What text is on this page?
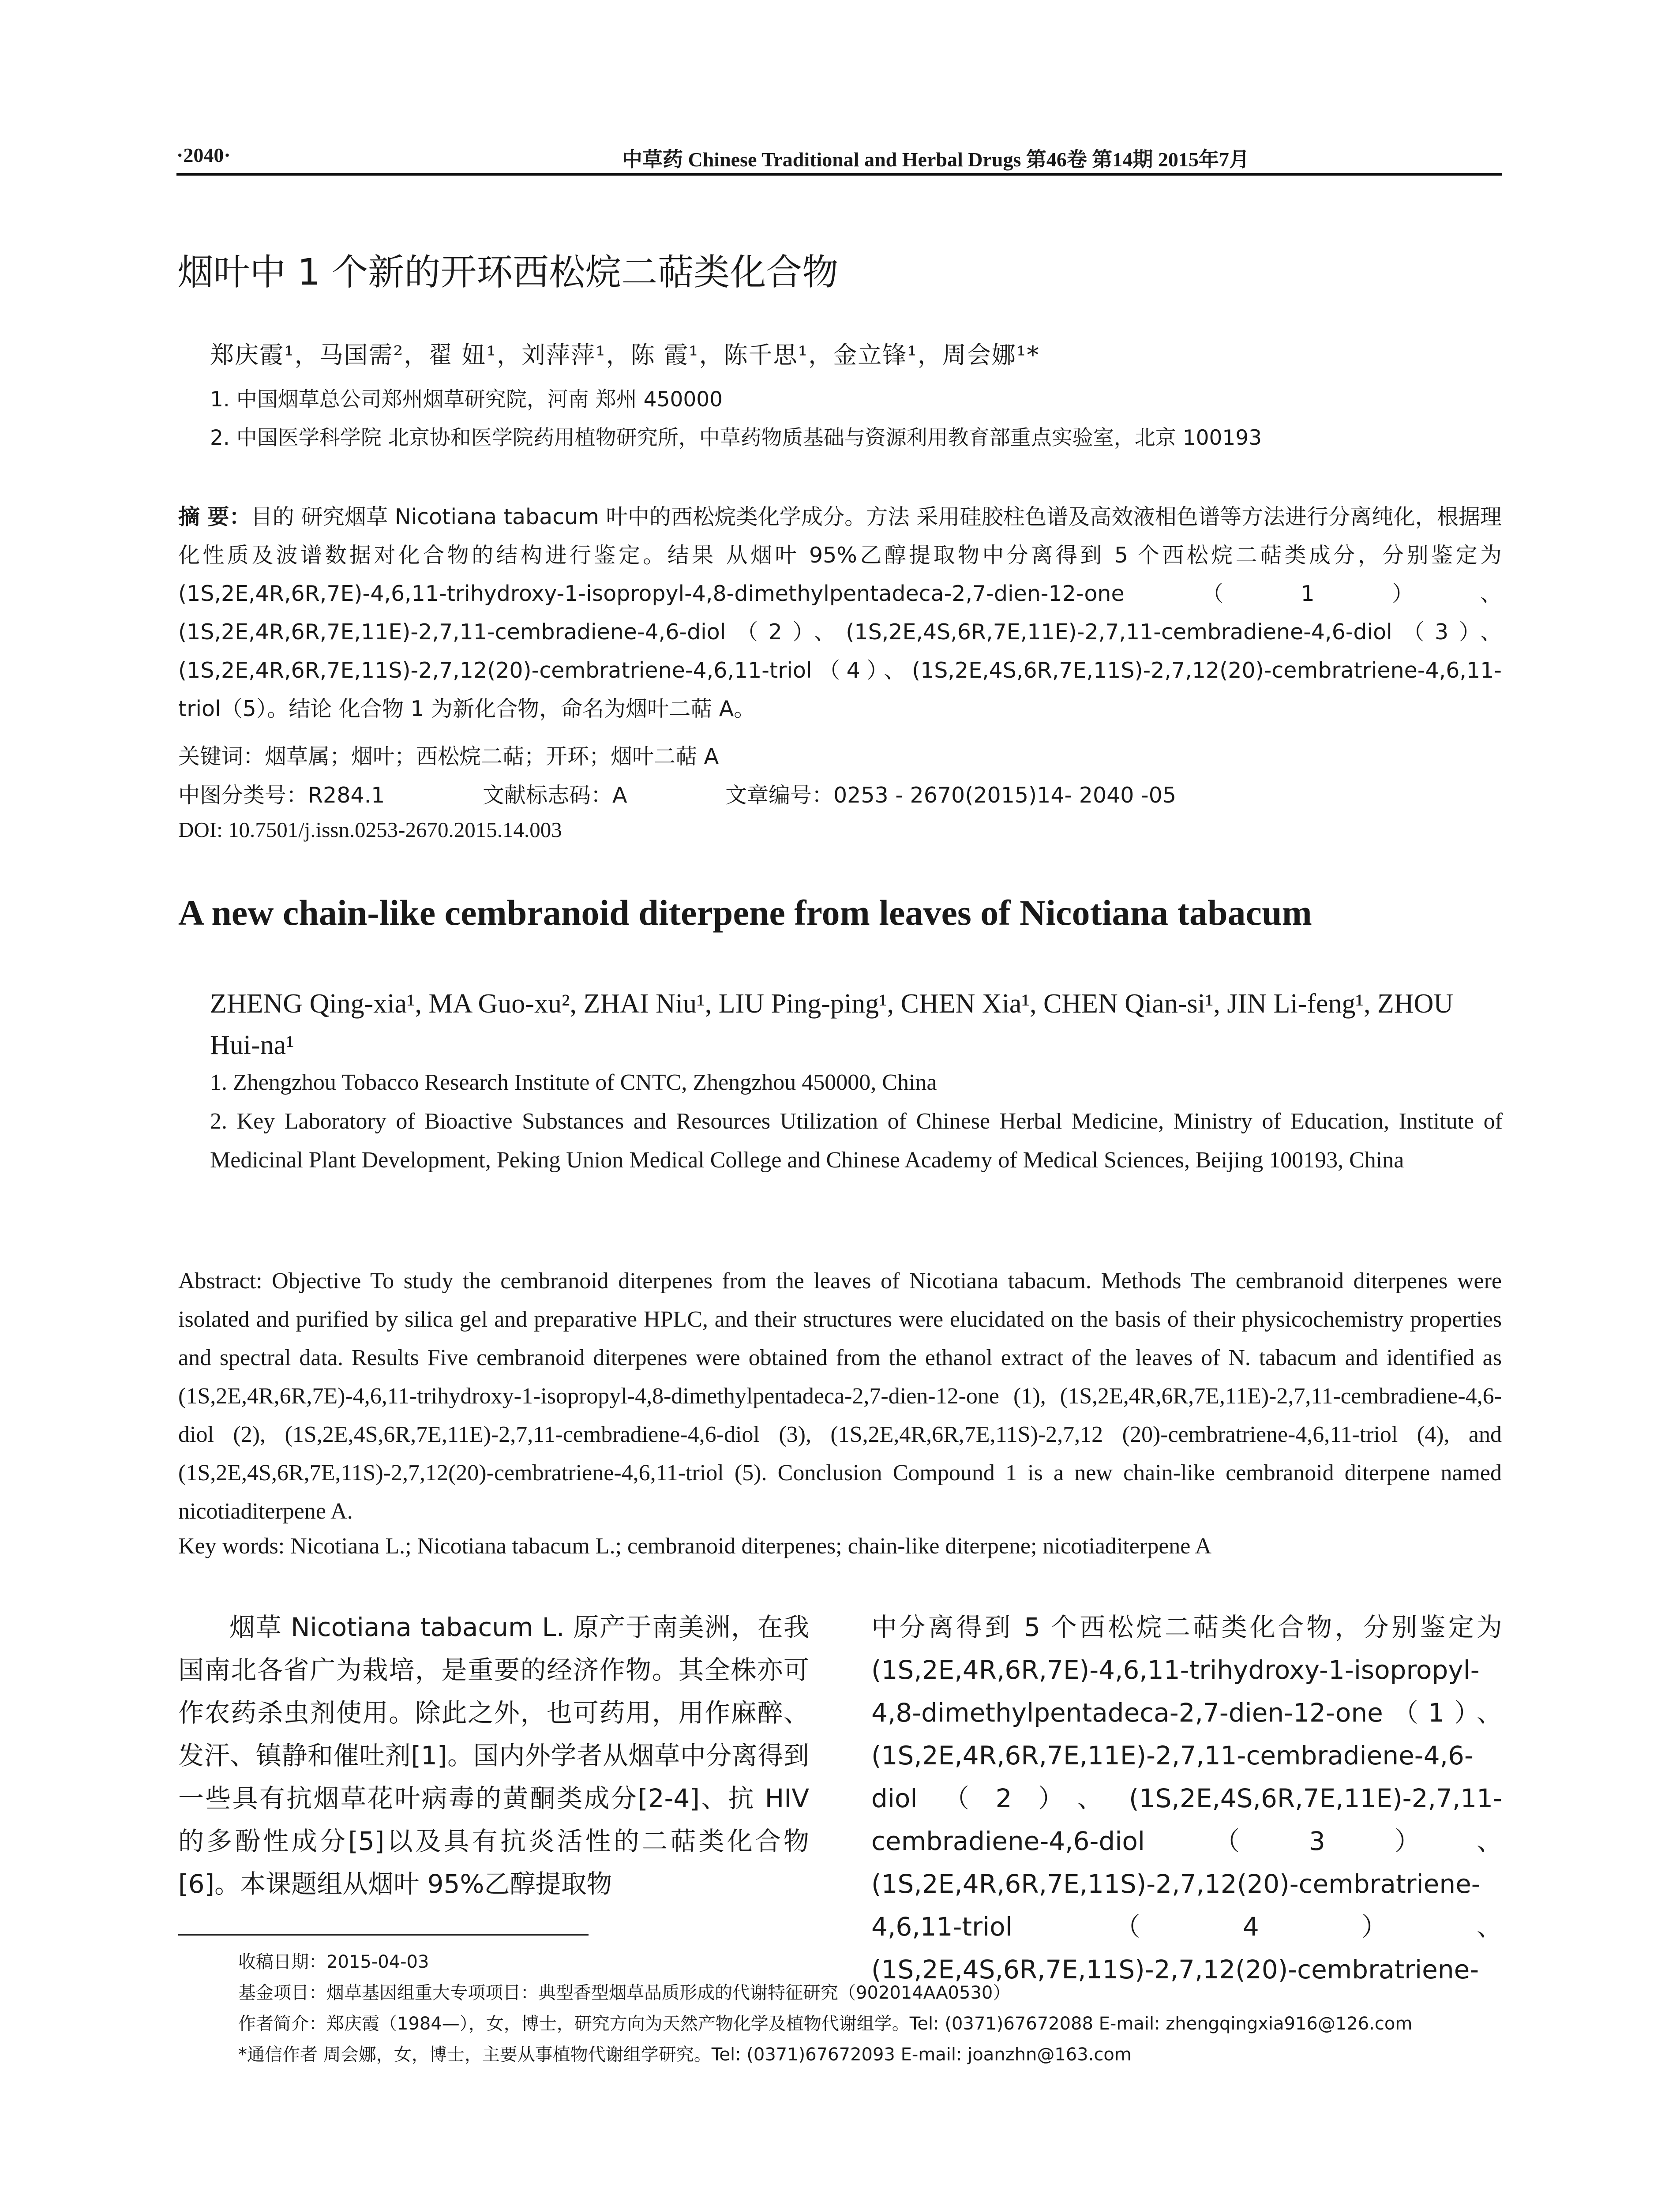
·2040·	中草药 Chinese Traditional and Herbal Drugs 第46卷 第14期 2015年7月
烟叶中 1 个新的开环西松烷二萜类化合物
郑庆霞¹，马国需²，翟 妞¹，刘萍萍¹，陈 霞¹，陈千思¹，金立锋¹，周会娜¹*
1. 中国烟草总公司郑州烟草研究院，河南 郑州 450000
2. 中国医学科学院 北京协和医学院药用植物研究所，中草药物质基础与资源利用教育部重点实验室，北京 100193
摘 要：目的 研究烟草 Nicotiana tabacum 叶中的西松烷类化学成分。方法 采用硅胶柱色谱及高效液相色谱等方法进行分离纯化，根据理化性质及波谱数据对化合物的结构进行鉴定。结果 从烟叶 95%乙醇提取物中分离得到 5 个西松烷二萜类成分，分别鉴定为 (1S,2E,4R,6R,7E)-4,6,11-trihydroxy-1-isopropyl-4,8-dimethylpentadeca-2,7-dien-12-one（1）、(1S,2E,4R,6R,7E,11E)-2,7,11-cembradiene-4,6-diol（2）、(1S,2E,4S,6R,7E,11E)-2,7,11-cembradiene-4,6-diol（3）、(1S,2E,4R,6R,7E,11S)-2,7,12(20)-cembratriene-4,6,11-triol（4）、(1S,2E,4S,6R,7E,11S)-2,7,12(20)-cembratriene-4,6,11-triol（5）。结论 化合物 1 为新化合物，命名为烟叶二萜 A。
关键词：烟草属；烟叶；西松烷二萜；开环；烟叶二萜 A
中图分类号：R284.1	文献标志码：A	文章编号：0253 - 2670(2015)14- 2040 -05
DOI: 10.7501/j.issn.0253-2670.2015.14.003
A new chain-like cembranoid diterpene from leaves of Nicotiana tabacum
ZHENG Qing-xia¹, MA Guo-xu², ZHAI Niu¹, LIU Ping-ping¹, CHEN Xia¹, CHEN Qian-si¹, JIN Li-feng¹, ZHOU Hui-na¹
1. Zhengzhou Tobacco Research Institute of CNTC, Zhengzhou 450000, China
2. Key Laboratory of Bioactive Substances and Resources Utilization of Chinese Herbal Medicine, Ministry of Education, Institute of Medicinal Plant Development, Peking Union Medical College and Chinese Academy of Medical Sciences, Beijing 100193, China
Abstract: Objective To study the cembranoid diterpenes from the leaves of Nicotiana tabacum. Methods The cembranoid diterpenes were isolated and purified by silica gel and preparative HPLC, and their structures were elucidated on the basis of their physicochemistry properties and spectral data. Results Five cembranoid diterpenes were obtained from the ethanol extract of the leaves of N. tabacum and identified as (1S,2E,4R,6R,7E)-4,6,11-trihydroxy-1-isopropyl-4,8-dimethylpentadeca-2,7-dien-12-one (1), (1S,2E,4R,6R,7E,11E)-2,7,11-cembradiene-4,6-diol (2), (1S,2E,4S,6R,7E,11E)-2,7,11-cembradiene-4,6-diol (3), (1S,2E,4R,6R,7E,11S)-2,7,12 (20)-cembratriene-4,6,11-triol (4), and (1S,2E,4S,6R,7E,11S)-2,7,12(20)-cembratriene-4,6,11-triol (5). Conclusion Compound 1 is a new chain-like cembranoid diterpene named nicotiaditerpene A.
Key words: Nicotiana L.; Nicotiana tabacum L.; cembranoid diterpenes; chain-like diterpene; nicotiaditerpene A
烟草 Nicotiana tabacum L. 原产于南美洲，在我国南北各省广为栽培，是重要的经济作物。其全株亦可作农药杀虫剂使用。除此之外，也可药用，用作麻醉、发汗、镇静和催吐剂[1]。国内外学者从烟草中分离得到一些具有抗烟草花叶病毒的黄酮类成分[2-4]、抗 HIV 的多酚性成分[5]以及具有抗炎活性的二萜类化合物[6]。本课题组从烟叶 95%乙醇提取物
中分离得到 5 个西松烷二萜类化合物，分别鉴定为 (1S,2E,4R,6R,7E)-4,6,11-trihydroxy-1-isopropyl-4,8-dimethylpentadeca-2,7-dien-12-one（1）、(1S,2E,4R,6R,7E,11E)-2,7,11-cembradiene-4,6-diol（2）、(1S,2E,4S,6R,7E,11E)-2,7,11-cembradiene-4,6-diol（3）、(1S,2E,4R,6R,7E,11S)-2,7,12(20)-cembratriene-4,6,11-triol（4）、(1S,2E,4S,6R,7E,11S)-2,7,12(20)-cembratriene-
收稿日期：2015-04-03
基金项目：烟草基因组重大专项项目：典型香型烟草品质形成的代谢特征研究（902014AA0530）
作者简介：郑庆霞（1984—），女，博士，研究方向为天然产物化学及植物代谢组学。Tel: (0371)67672088 E-mail: zhengqingxia916@126.com
*通信作者 周会娜，女，博士，主要从事植物代谢组学研究。Tel: (0371)67672093 E-mail: joanzhn@163.com
